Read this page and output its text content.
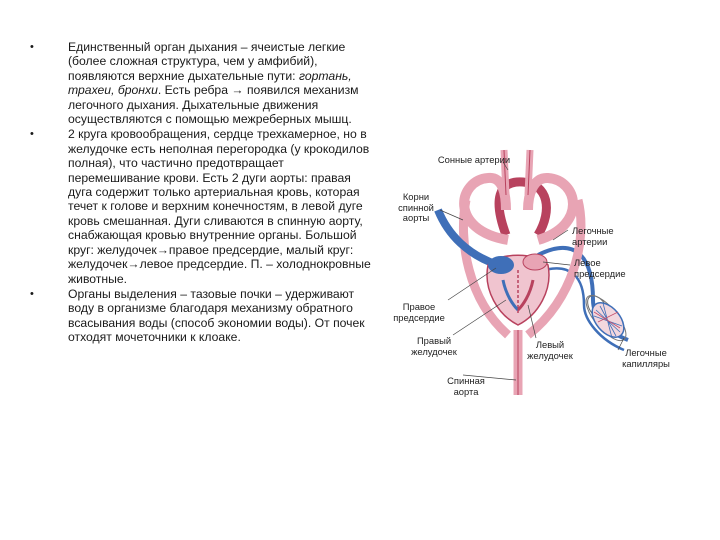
•	Единственный орган дыхания – ячеистые легкие (более сложная структура, чем у амфибий), появляются верхние дыхательные пути: гортань, трахеи, бронхи. Есть ребра → появился механизм легочного дыхания. Дыхательные движения осуществляются с помощью межреберных мышц.
•	2 круга кровообращения, сердце трехкамерное, но в желудочке есть неполная перегородка (у крокодилов полная), что частично предотвращает перемешивание крови. Есть 2 дуги аорты: правая дуга содержит только артериальная кровь, которая течет к голове и верхним конечностям, в левой дуге кровь смешанная. Дуги сливаются в спинную аорту, снабжающая кровью внутренние органы. Большой круг: желудочек→правое предсердие, малый круг: желудочек→левое предсердие. П. – холоднокровные животные.
•	Органы выделения – тазовые почки – удерживают воду в организме благодаря механизму обратного всасывания воды (способ экономии воды). От почек отходят мочеточники к клоаке.
Сонные артерии
Корни спинной аорты
Легочные артерии
Левое предсердие
Правое предсердие
Правый желудочек
Левый желудочек	Легочные капилляры
Спинная аорта
